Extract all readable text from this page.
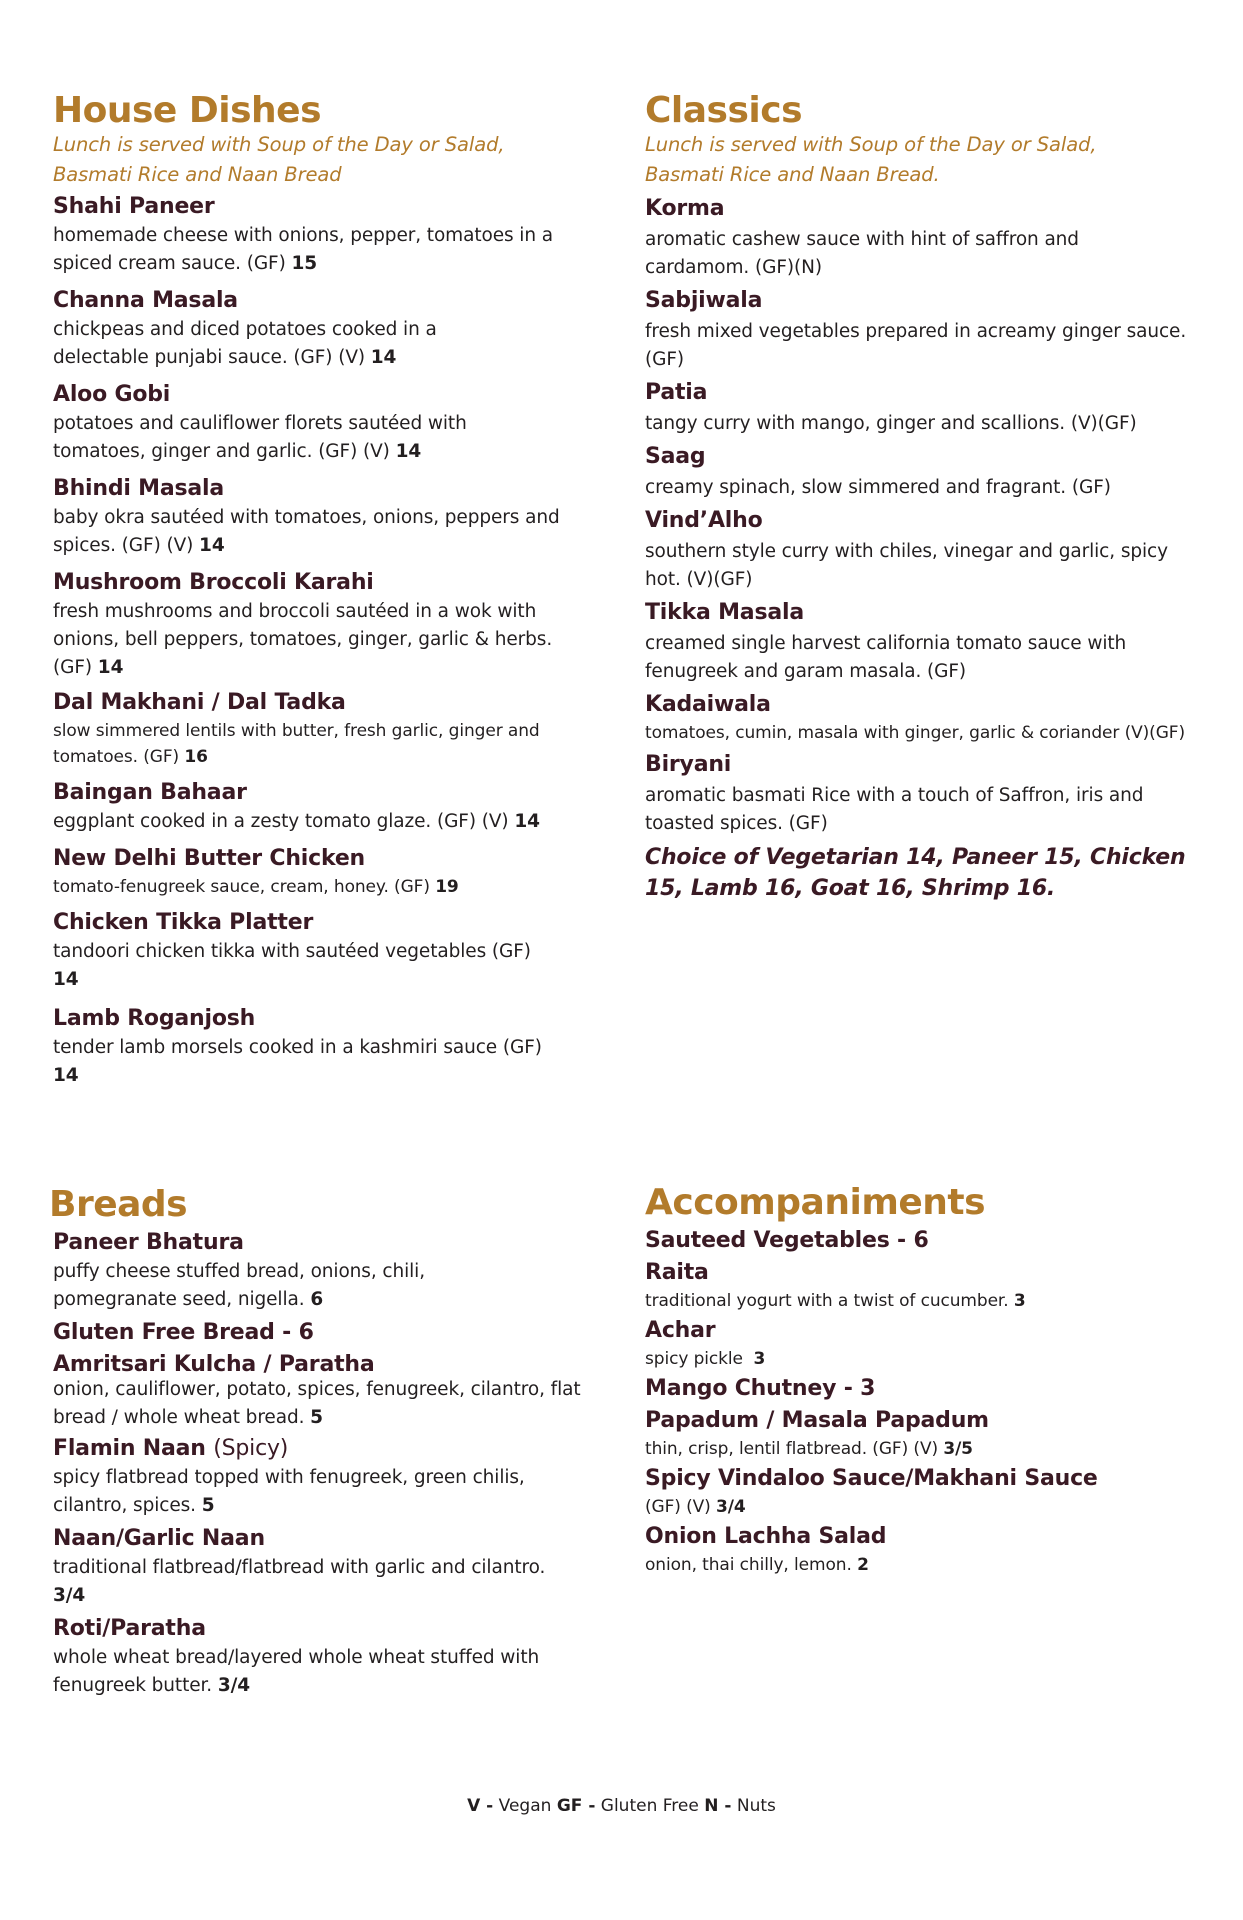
House Dishes

Lunch is served with Soup of the Day or Salad,

Basmati Rice and Naan Bread

Shahi Paneer
homemade cheese with onions, pepper, tomatoes in a spiced cream sauce. (GF) 15
Channa Masala
chickpeas and diced potatoes cooked in a delectable punjabi sauce. (GF) (V) 14
Aloo Gobi
potatoes and cauliflower florets sautéed with tomatoes, ginger and garlic. (GF) (V) 14
Bhindi Masala
baby okra sautéed with tomatoes, onions, peppers and spices. (GF) (V) 14
Mushroom Broccoli Karahi
fresh mushrooms and broccoli sautéed in a wok with onions, bell peppers, tomatoes, ginger, garlic & herbs. (GF) 14
Dal Makhani / Dal Tadka
slow simmered lentils with butter, fresh garlic, ginger and tomatoes. (GF) 16
Baingan Bahaar
eggplant cooked in a zesty tomato glaze. (GF) (V) 14
New Delhi Butter Chicken
tomato-fenugreek sauce, cream, honey. (GF) 19
Chicken Tikka Platter
tandoori chicken tikka with sautéed vegetables (GF) 14
Lamb Roganjosh
tender lamb morsels cooked in a kashmiri sauce (GF) 14
Classics

Lunch is served with Soup of the Day or Salad,

Basmati Rice and Naan Bread.

Korma
aromatic cashew sauce with hint of saffron and cardamom. (GF)(N)
Sabjiwala
fresh mixed vegetables prepared in acreamy ginger sauce. (GF)
Patia
tangy curry with mango, ginger and scallions. (V)(GF)
Saag
creamy spinach, slow simmered and fragrant. (GF)
Vind’Alho
southern style curry with chiles, vinegar and garlic, spicy hot. (V)(GF)
Tikka Masala
creamed single harvest california tomato sauce with fenugreek and garam masala. (GF)
Kadaiwala
tomatoes, cumin, masala with ginger, garlic & coriander (V)(GF)
Biryani
aromatic basmati Rice with a touch of Saffron, iris and toasted spices. (GF)
Choice of Vegetarian 14, Paneer 15, Chicken
15, Lamb 16, Goat 16, Shrimp 16.
Breads
Paneer Bhatura
puffy cheese stuffed bread, onions, chili, pomegranate seed, nigella. 6
Gluten Free Bread - 6
Amritsari Kulcha / Paratha
onion, cauliflower, potato, spices, fenugreek, cilantro, flat bread / whole wheat bread. 5
Flamin Naan (Spicy)
spicy flatbread topped with fenugreek, green chilis, cilantro, spices. 5
Naan/Garlic Naan
traditional flatbread/flatbread with garlic and cilantro. 3/4
Roti/Paratha
whole wheat bread/layered whole wheat stuffed with fenugreek butter. 3/4
Accompaniments
Sauteed Vegetables - 6
Raita
traditional yogurt with a twist of cucumber. 3
Achar
spicy pickle 3
Mango Chutney - 3
Papadum / Masala Papadum
thin, crisp, lentil flatbread. (GF) (V) 3/5
Spicy Vindaloo Sauce/Makhani Sauce
(GF) (V) 3/4
Onion Lachha Salad
onion, thai chilly, lemon. 2
V - Vegan GF - Gluten Free N - Nuts
